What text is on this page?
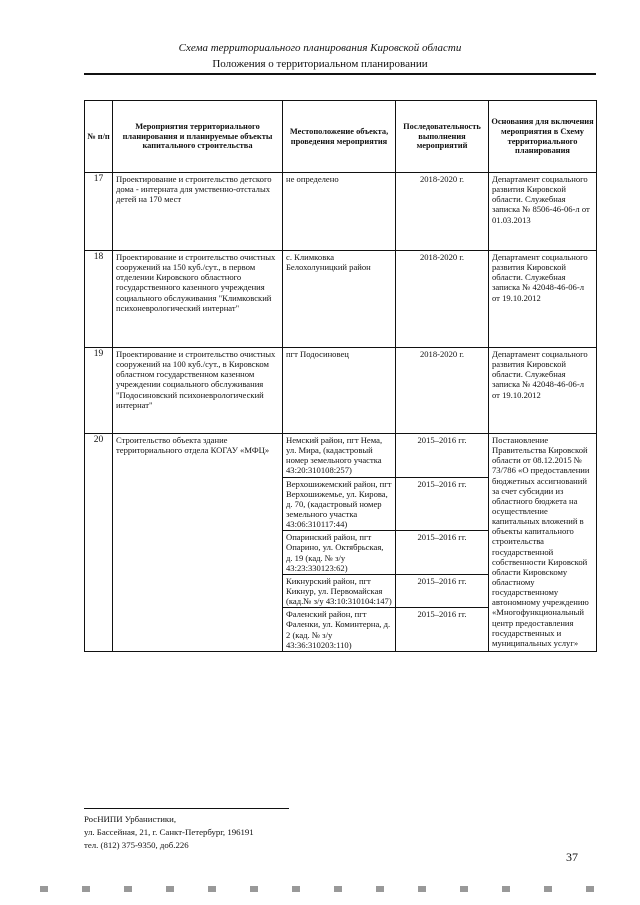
Схема территориального планирования Кировской области
Положения о территориальном планировании
№ п/п	Мероприятия территориального планирования и планируемые объекты капитального строительства	Местоположение объекта, проведения мероприятия	Последовательность выполнения мероприятий	Основания для включения мероприятия в Схему территориального планирования
17	Проектирование и строительство детского дома - интерната для умственно-отсталых детей на 170 мест	не определено	2018-2020 г.	Департамент социального развития Кировской области. Служебная записка № 8506-46-06-л от 01.03.2013
18	Проектирование и строительство очистных сооружений на 150 куб./сут., в первом отделении Кировского областного государственного казенного учреждения социального обслуживания "Климковский психоневрологический интернат"	с. Климковка Белохолуницкий район	2018-2020 г.	Департамент социального развития Кировской области. Служебная записка № 42048-46-06-л от 19.10.2012
19	Проектирование и строительство очистных сооружений на 100 куб./сут., в Кировском областном государственном казенном учреждении социального обслуживания "Подосиновский психоневрологический интернат"	пгт Подосиновец	2018-2020 г.	Департамент социального развития Кировской области. Служебная записка № 42048-46-06-л от 19.10.2012
20	Строительство объекта здание территориального отдела КОГАУ «МФЦ»	Немский район, пгт Нема, ул. Мира, (кадастровый номер земельного участка 43:20:310108:257)	2015–2016 гг.	Постановление Правительства Кировской области от 08.12.2015 № 73/786 «О предоставлении бюджетных ассигнований за счет субсидии из областного бюджета на осуществление капитальных вложений в объекты капитального строительства государственной собственности Кировской области Кировскому областному государственному автономному учреждению «Многофункциональный центр предоставления государственных и муниципальных услуг»
		Верхошижемский район, пгт Верхошижемье, ул. Кирова, д. 70, (кадастровый номер земельного участка 43:06:310117:44)	2015–2016 гг.	
		Опаринский район, пгт Опарино, ул. Октябрьская, д. 19 (кад. № з/у 43:23:330123:62)	2015–2016 гг.	
		Кикнурский район, пгт Кикнур, ул. Первомайская (кад.№ з/у 43:10:310104:147)	2015–2016 гг.	
		Фаленский район, пгт Фаленки, ул. Коминтерна, д. 2 (кад. № з/у 43:36:310203:110)	2015–2016 гг.	
РосНИПИ Урбанистики,
ул. Бассейная, 21, г. Санкт-Петербург, 196191
тел. (812) 375-9350, доб.226
37
